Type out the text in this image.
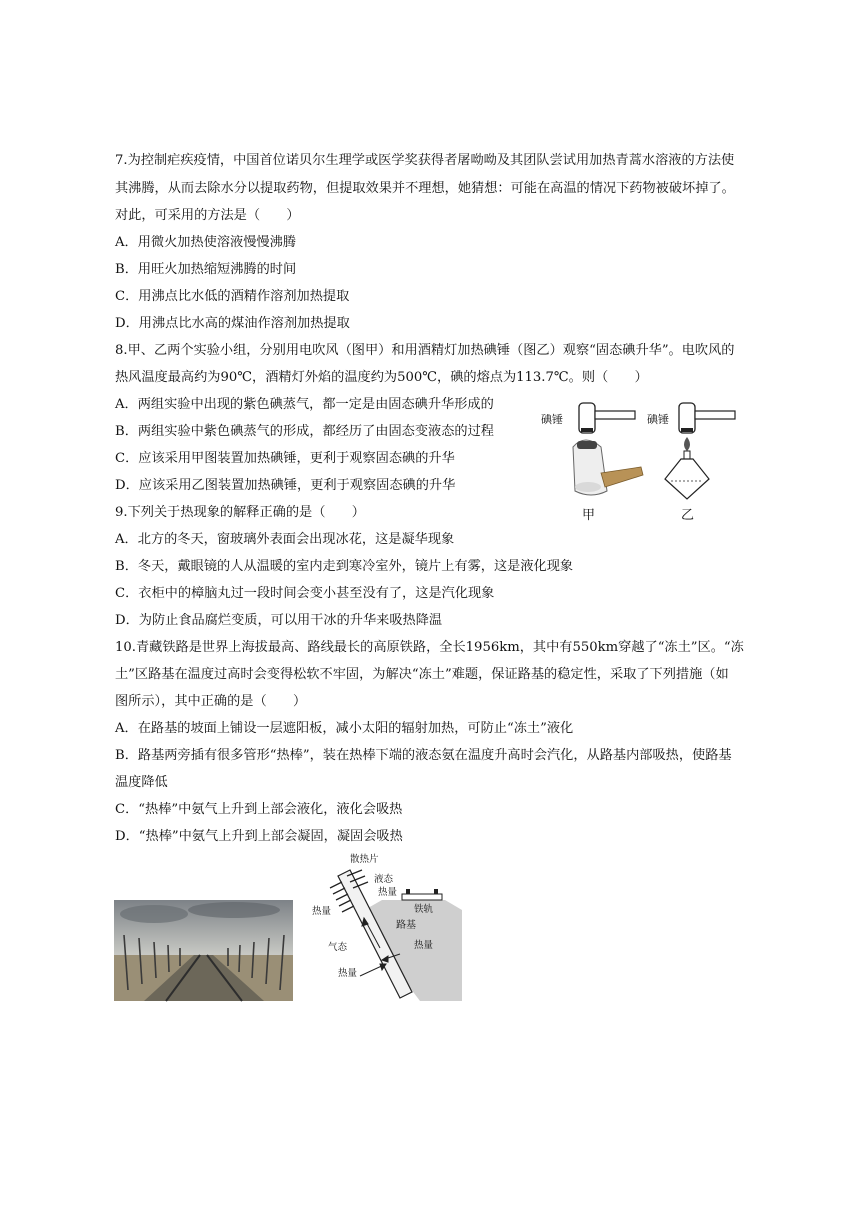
7.为控制疟疾疫情，中国首位诺贝尔生理学或医学奖获得者屠呦呦及其团队尝试用加热青蒿水溶液的方法使
其沸腾，从而去除水分以提取药物，但提取效果并不理想，她猜想：可能在高温的情况下药物被破坏掉了。
对此，可采用的方法是（　　）
A．用微火加热使溶液慢慢沸腾
B．用旺火加热缩短沸腾的时间
C．用沸点比水低的酒精作溶剂加热提取
D．用沸点比水高的煤油作溶剂加热提取
8.甲、乙两个实验小组，分别用电吹风（图甲）和用酒精灯加热碘锤（图乙）观察“固态碘升华”。电吹风的
热风温度最高约为90℃，酒精灯外焰的温度约为500℃，碘的熔点为113.7℃。则（　　）
A．两组实验中出现的紫色碘蒸气，都一定是由固态碘升华形成的
B．两组实验中紫色碘蒸气的形成，都经历了由固态变液态的过程
C．应该采用甲图装置加热碘锤，更利于观察固态碘的升华
D．应该采用乙图装置加热碘锤，更利于观察固态碘的升华
碘锤
甲
碘锤
乙
9.下列关于热现象的解释正确的是（　　）
A．北方的冬天，窗玻璃外表面会出现冰花，这是凝华现象
B．冬天，戴眼镜的人从温暖的室内走到寒冷室外，镜片上有雾，这是液化现象
C．衣柜中的樟脑丸过一段时间会变小甚至没有了，这是汽化现象
D．为防止食品腐烂变质，可以用干冰的升华来吸热降温
10.青藏铁路是世界上海拔最高、路线最长的高原铁路，全长1956km，其中有550km穿越了“冻土”区。“冻
土”区路基在温度过高时会变得松软不牢固，为解决“冻土”难题，保证路基的稳定性，采取了下列措施（如
图所示），其中正确的是（　　）
A．在路基的坡面上铺设一层遮阳板，减小太阳的辐射加热，可防止“冻土”液化
B．路基两旁插有很多管形“热棒”，装在热棒下端的液态氨在温度升高时会汽化，从路基内部吸热，使路基
温度降低
C．“热棒”中氨气上升到上部会液化，液化会吸热
D．“热棒”中氨气上升到上部会凝固，凝固会吸热
散热片
液态
热量
铁轨
热量
路基
气态	热量
热量
